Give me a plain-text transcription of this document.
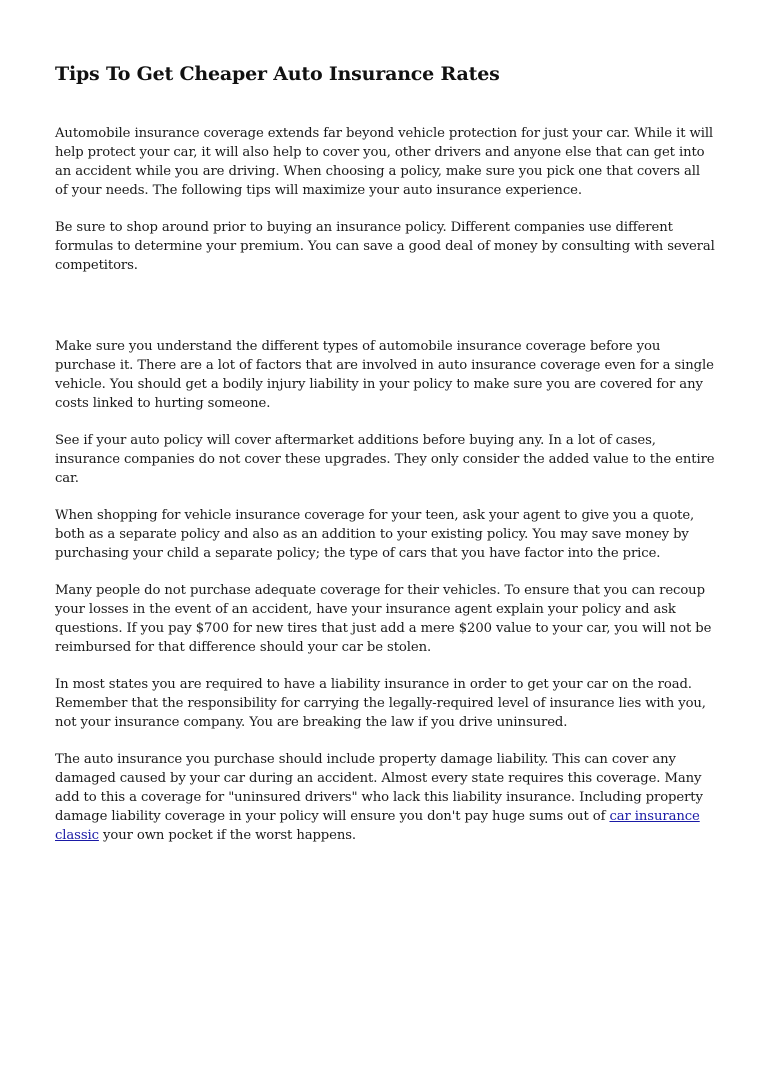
Tips To Get Cheaper Auto Insurance Rates

Automobile insurance coverage extends far beyond vehicle protection for just your car. While it will help protect your car, it will also help to cover you, other drivers and anyone else that can get into an accident while you are driving. When choosing a policy, make sure you pick one that covers all of your needs. The following tips will maximize your auto insurance experience.

Be sure to shop around prior to buying an insurance policy. Different companies use different formulas to determine your premium. You can save a good deal of money by consulting with several competitors.

Make sure you understand the different types of automobile insurance coverage before you purchase it. There are a lot of factors that are involved in auto insurance coverage even for a single vehicle. You should get a bodily injury liability in your policy to make sure you are covered for any costs linked to hurting someone.

See if your auto policy will cover aftermarket additions before buying any. In a lot of cases, insurance companies do not cover these upgrades. They only consider the added value to the entire car.

When shopping for vehicle insurance coverage for your teen, ask your agent to give you a quote, both as a separate policy and also as an addition to your existing policy. You may save money by purchasing your child a separate policy; the type of cars that you have factor into the price.

Many people do not purchase adequate coverage for their vehicles. To ensure that you can recoup your losses in the event of an accident, have your insurance agent explain your policy and ask questions. If you pay $700 for new tires that just add a mere $200 value to your car, you will not be reimbursed for that difference should your car be stolen.

In most states you are required to have a liability insurance in order to get your car on the road. Remember that the responsibility for carrying the legally-required level of insurance lies with you, not your insurance company. You are breaking the law if you drive uninsured.

The auto insurance you purchase should include property damage liability. This can cover any damaged caused by your car during an accident. Almost every state requires this coverage. Many add to this a coverage for "uninsured drivers" who lack this liability insurance. Including property damage liability coverage in your policy will ensure you don't pay huge sums out of car insurance classic your own pocket if the worst happens.
